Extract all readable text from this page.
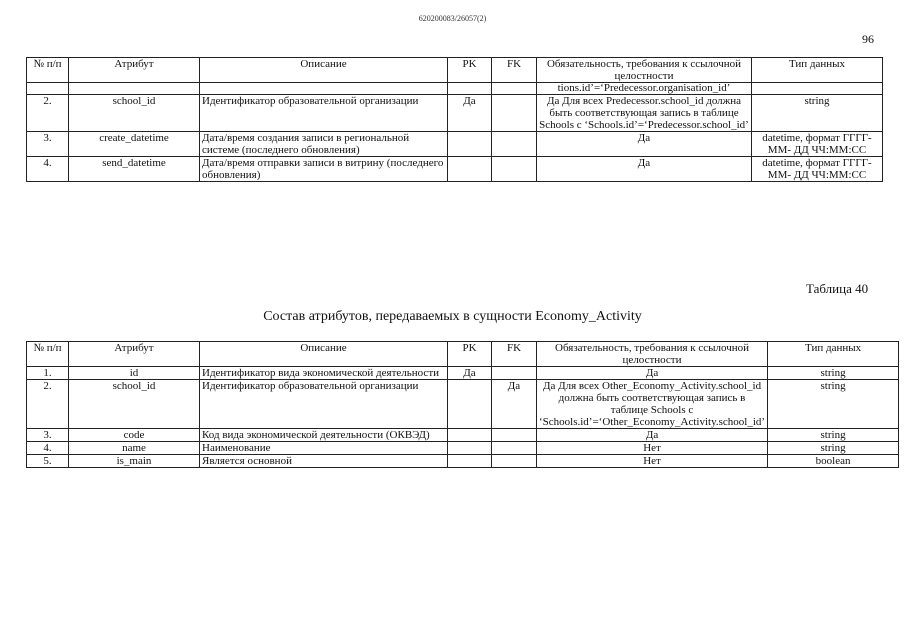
620200083/26057(2)
96
№ п/п	Атрибут	Описание	PK	FK	Обязательность, требования к ссылочной целостности	Тип данных
					tions.id’=‘Predecessor.organisation_id’	
2.	school_id	Идентификатор образовательной организации	Да		Да Для всех Predecessor.school_id должна быть соответствующая запись в таблице Schools с ‘Schools.id’=‘Predecessor.school_id’	string
3.	create_datetime	Дата/время создания записи в региональной системе (последнего обновления)			Да	datetime, формат ГГГГ-ММ- ДД ЧЧ:ММ:СС
4.	send_datetime	Дата/время отправки записи в витрину (последнего обновления)			Да	datetime, формат ГГГГ-ММ- ДД ЧЧ:ММ:СС
Таблица 40
Состав атрибутов, передаваемых в сущности Economy_Activity
№ п/п	Атрибут	Описание	PK	FK	Обязательность, требования к ссылочной целостности	Тип данных
1.	id	Идентификатор вида экономической деятельности	Да		Да	string
2.	school_id	Идентификатор образовательной организации		Да	Да Для всех Other_Economy_Activity.school_id должна быть соответствующая запись в таблице Schools с ‘Schools.id’=‘Other_Economy_Activity.school_id’	string
3.	code	Код вида экономической деятельности (ОКВЭД)			Да	string
4.	name	Наименование			Нет	string
5.	is_main	Является основной			Нет	boolean
